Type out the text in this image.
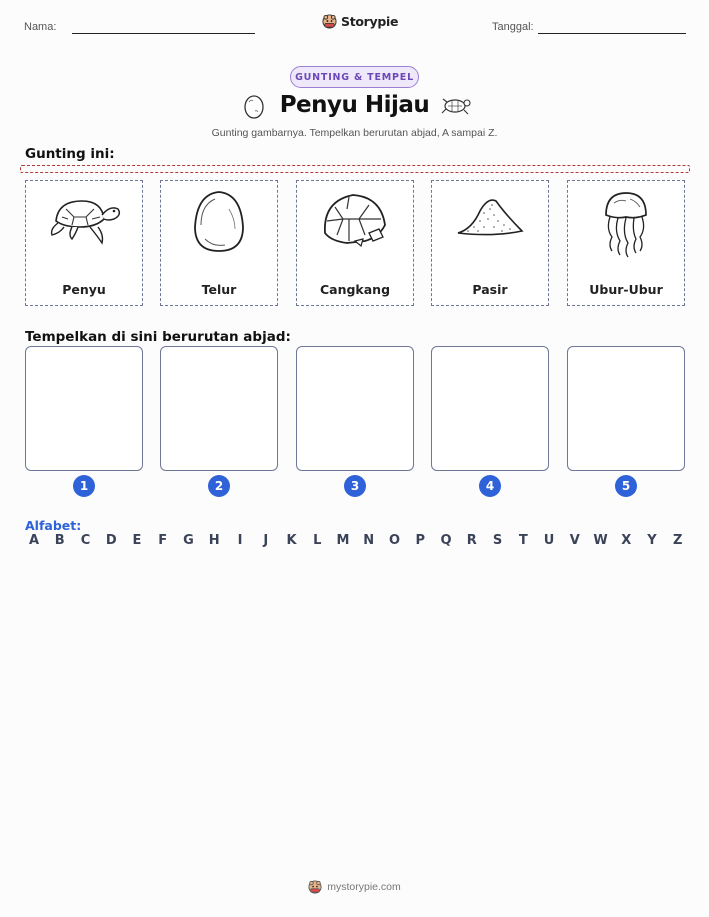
Nama:	Storypie	Tanggal:
GUNTING & TEMPEL
Penyu Hijau
Gunting gambarnya. Tempelkan berurutan abjad, A sampai Z.
Gunting ini:
Penyu	Telur	Cangkang	Pasir	Ubur-Ubur
Tempelkan di sini berurutan abjad:
1	2	3	4	5
Alfabet:
A B C D E F G H	I	J	K L M N O P Q R S T U V W X Y Z
mystorypie.com
